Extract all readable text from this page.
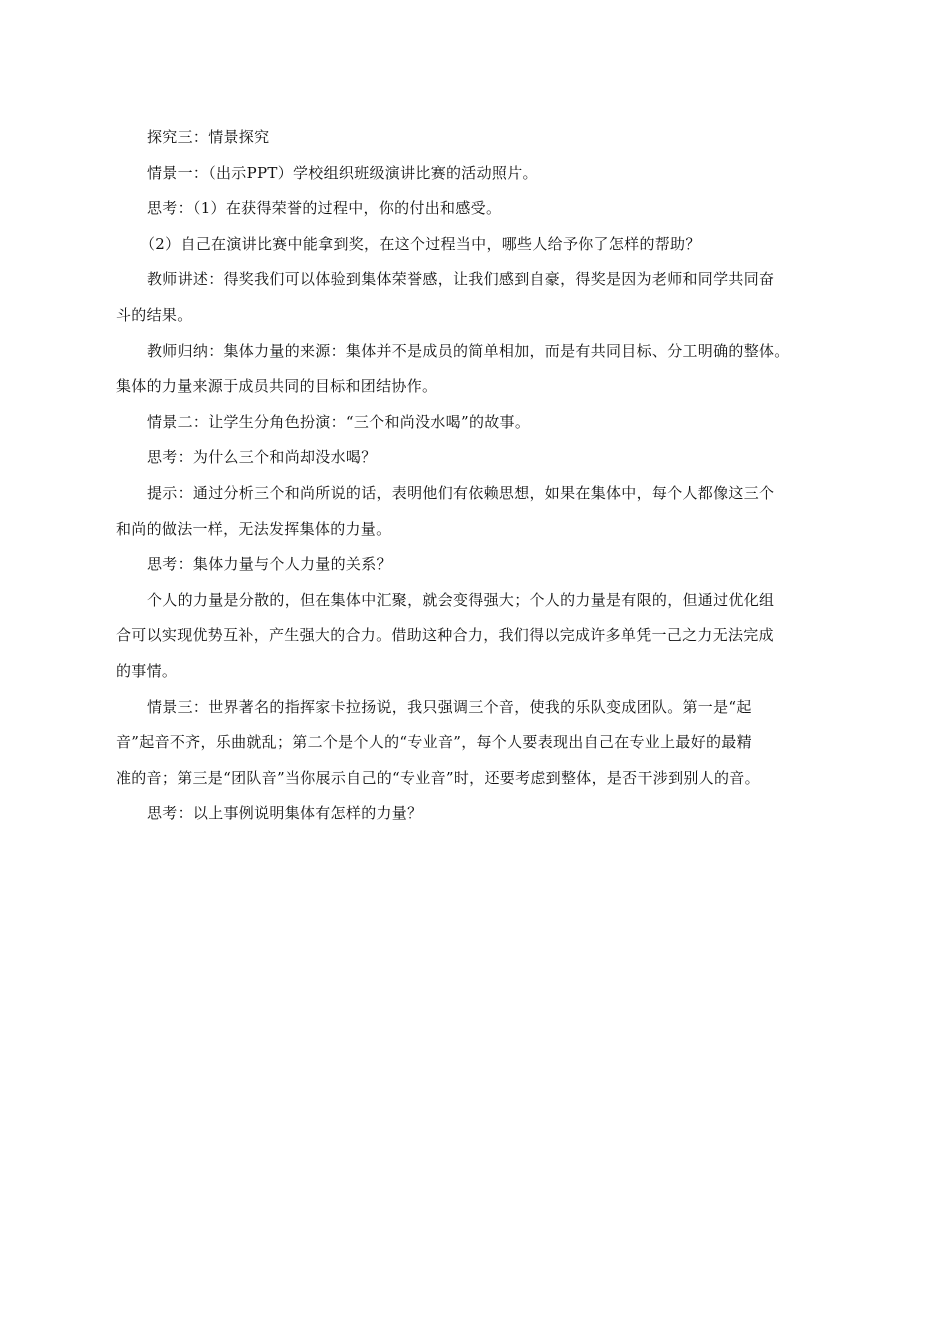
探究三：情景探究
情景一：（出示PPT）学校组织班级演讲比赛的活动照片。
思考：（1）在获得荣誉的过程中，你的付出和感受。
（2）自己在演讲比赛中能拿到奖，在这个过程当中，哪些人给予你了怎样的帮助？
教师讲述：得奖我们可以体验到集体荣誉感，让我们感到自豪，得奖是因为老师和同学共同奋
斗的结果。
教师归纳：集体力量的来源：集体并不是成员的简单相加，而是有共同目标、分工明确的整体。
集体的力量来源于成员共同的目标和团结协作。
情景二：让学生分角色扮演：“三个和尚没水喝”的故事。
思考：为什么三个和尚却没水喝？
提示：通过分析三个和尚所说的话，表明他们有依赖思想，如果在集体中，每个人都像这三个
和尚的做法一样，无法发挥集体的力量。
思考：集体力量与个人力量的关系？
个人的力量是分散的，但在集体中汇聚，就会变得强大；个人的力量是有限的，但通过优化组
合可以实现优势互补，产生强大的合力。借助这种合力，我们得以完成许多单凭一己之力无法完成
的事情。
情景三：世界著名的指挥家卡拉扬说，我只强调三个音，使我的乐队变成团队。第一是“起
音”起音不齐，乐曲就乱；第二个是个人的“专业音”，每个人要表现出自己在专业上最好的最精
准的音；第三是“团队音”当你展示自己的“专业音”时，还要考虑到整体，是否干涉到别人的音。
思考：以上事例说明集体有怎样的力量？
